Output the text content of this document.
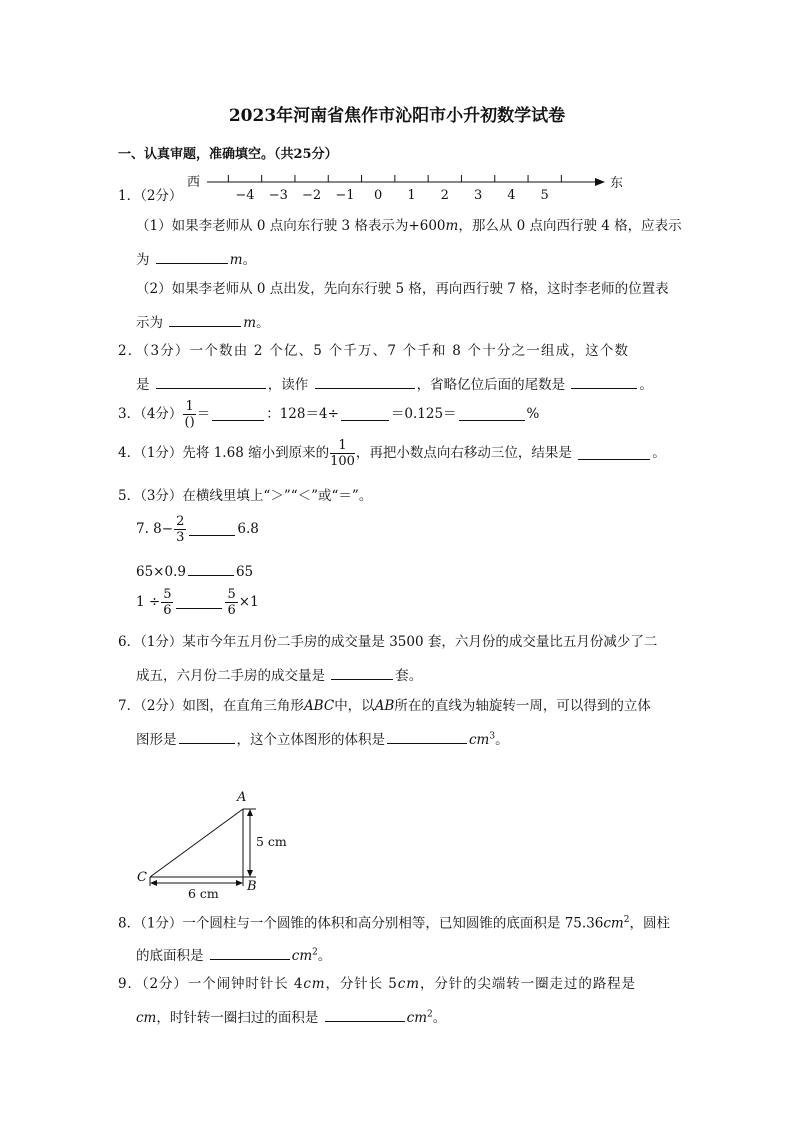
2023年河南省焦作市沁阳市小升初数学试卷
一、认真审题，准确填空。（共25分）
1．（2分）
西	东
−4 −3 −2 −1 0 1 2 3 4 5
（1）如果李老师从 0 点向东行驶 3 格表示为+600m，那么从 0 点向西行驶 4 格，应表示
为	m。
（2）如果李老师从 0 点出发，先向东行驶 5 格，再向西行驶 7 格，这时李老师的位置表
示为	m。
2．（3分）一个数由 2 个亿、5 个千万、7 个千和 8 个十分之一组成，这个数
是	，读作	，省略亿位后面的尾数是	。
3．（4分） $\frac{1}{()}$ ＝	：128＝4÷	＝0.125＝	%
4．（1分）先将 1.68 缩小到原来的 $\frac{1}{100}$ ，再把小数点向右移动三位，结果是	。
5．（3分）在横线里填上“＞”“＜”或“＝”。
7. $8- \frac{2}{3}$	6.8
65×0.9	65
$1 \div \frac{5}{6}$	$\frac{5}{6} \times 1$
6．（1分）某市今年五月份二手房的成交量是 3500 套，六月份的成交量比五月份减少了二
成五，六月份二手房的成交量是	套。
7．（2分）如图，在直角三角形ABC中，以AB所在的直线为轴旋转一周，可以得到的立体
图形是	，这个立体图形的体积是	$cm^3$。
A
B
C
5 cm
6 cm
8．（1分）一个圆柱与一个圆锥的体积和高分别相等，已知圆锥的底面积是 $75.36cm^2$，圆柱
的底面积是	$cm^2$。
9．（2分）一个闹钟时针长 4cm，分针长 5cm，分针的尖端转一圈走过的路程是
cm，时针转一圈扫过的面积是	$cm^2$。
